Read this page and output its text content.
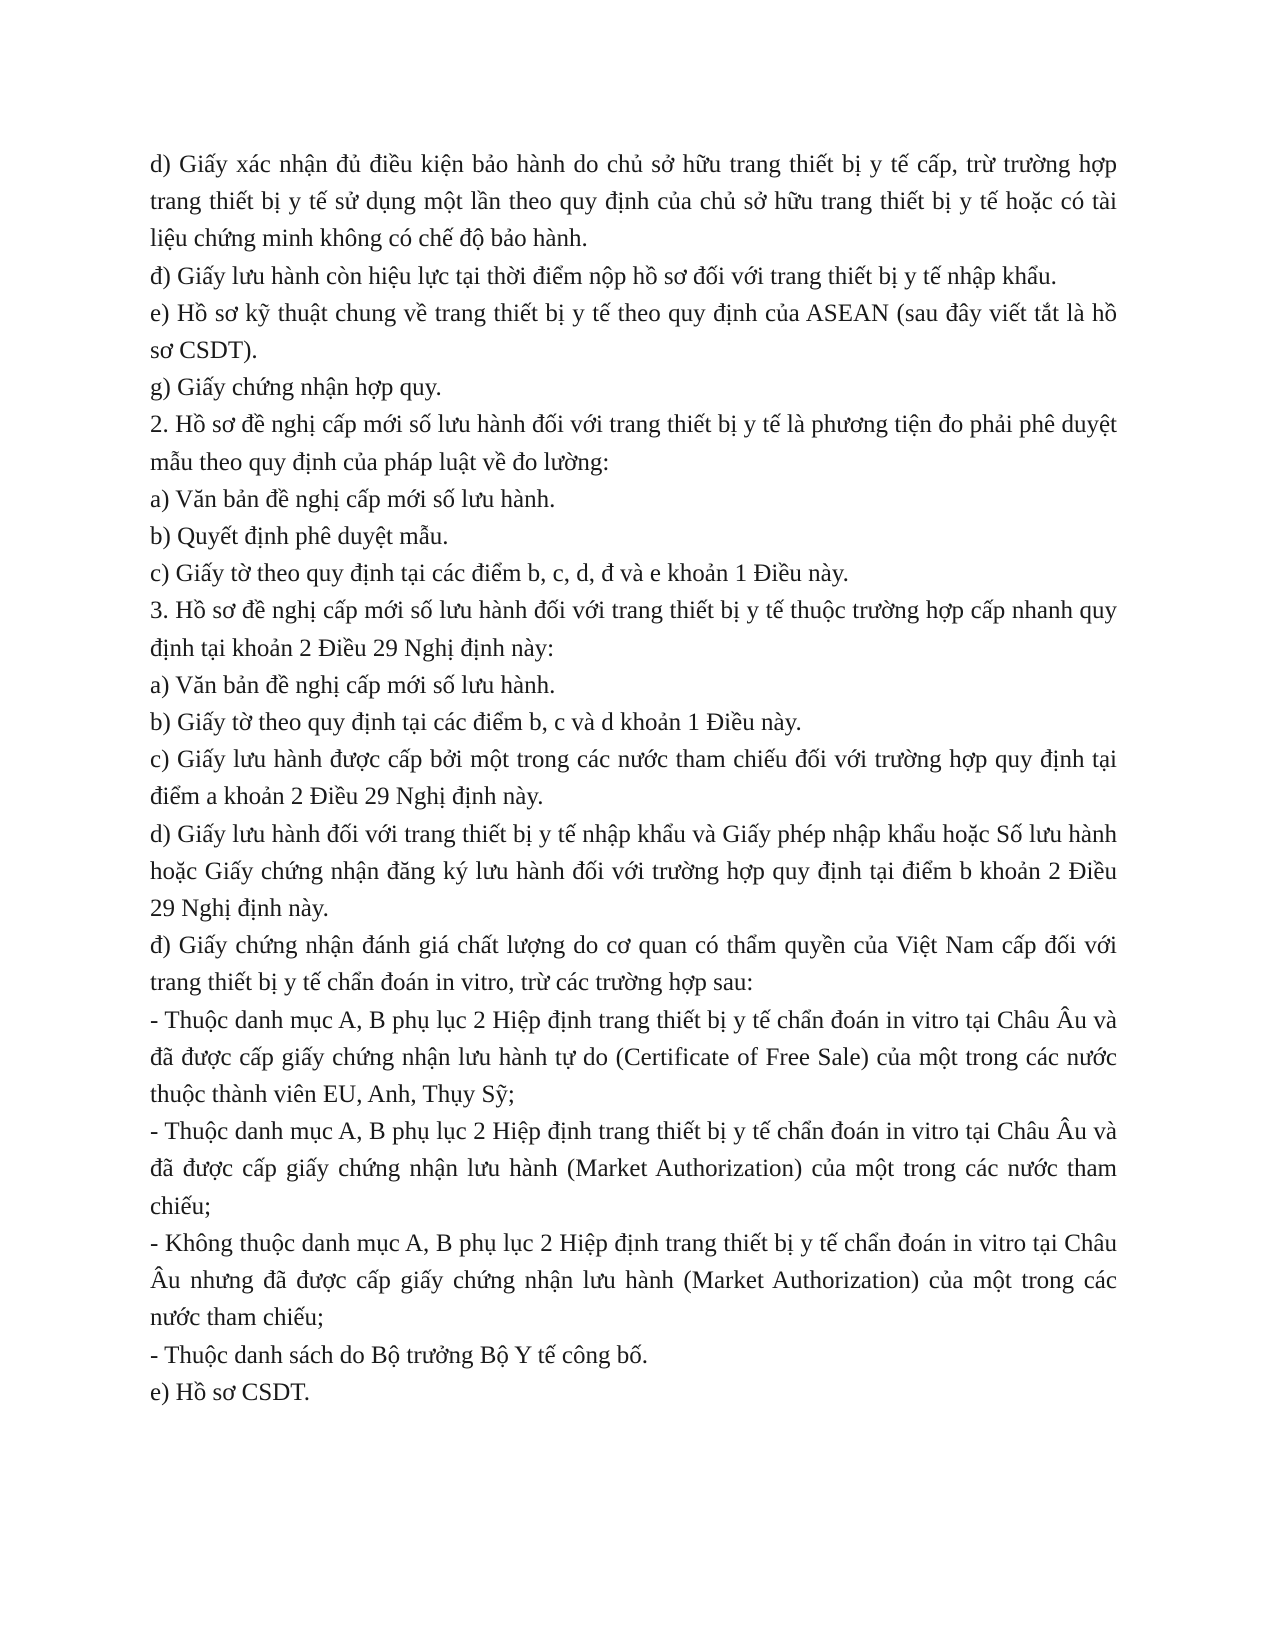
d) Giấy xác nhận đủ điều kiện bảo hành do chủ sở hữu trang thiết bị y tế cấp, trừ trường hợp trang thiết bị y tế sử dụng một lần theo quy định của chủ sở hữu trang thiết bị y tế hoặc có tài liệu chứng minh không có chế độ bảo hành.

đ) Giấy lưu hành còn hiệu lực tại thời điểm nộp hồ sơ đối với trang thiết bị y tế nhập khẩu.

e) Hồ sơ kỹ thuật chung về trang thiết bị y tế theo quy định của ASEAN (sau đây viết tắt là hồ sơ CSDT).

g) Giấy chứng nhận hợp quy.

2. Hồ sơ đề nghị cấp mới số lưu hành đối với trang thiết bị y tế là phương tiện đo phải phê duyệt mẫu theo quy định của pháp luật về đo lường:

a) Văn bản đề nghị cấp mới số lưu hành.

b) Quyết định phê duyệt mẫu.

c) Giấy tờ theo quy định tại các điểm b, c, d, đ và e khoản 1 Điều này.

3. Hồ sơ đề nghị cấp mới số lưu hành đối với trang thiết bị y tế thuộc trường hợp cấp nhanh quy định tại khoản 2 Điều 29 Nghị định này:

a) Văn bản đề nghị cấp mới số lưu hành.

b) Giấy tờ theo quy định tại các điểm b, c và d khoản 1 Điều này.

c) Giấy lưu hành được cấp bởi một trong các nước tham chiếu đối với trường hợp quy định tại điểm a khoản 2 Điều 29 Nghị định này.

d) Giấy lưu hành đối với trang thiết bị y tế nhập khẩu và Giấy phép nhập khẩu hoặc Số lưu hành hoặc Giấy chứng nhận đăng ký lưu hành đối với trường hợp quy định tại điểm b khoản 2 Điều 29 Nghị định này.

đ) Giấy chứng nhận đánh giá chất lượng do cơ quan có thẩm quyền của Việt Nam cấp đối với trang thiết bị y tế chẩn đoán in vitro, trừ các trường hợp sau:

- Thuộc danh mục A, B phụ lục 2 Hiệp định trang thiết bị y tế chẩn đoán in vitro tại Châu Âu và đã được cấp giấy chứng nhận lưu hành tự do (Certificate of Free Sale) của một trong các nước thuộc thành viên EU, Anh, Thụy Sỹ;

- Thuộc danh mục A, B phụ lục 2 Hiệp định trang thiết bị y tế chẩn đoán in vitro tại Châu Âu và đã được cấp giấy chứng nhận lưu hành (Market Authorization) của một trong các nước tham chiếu;

- Không thuộc danh mục A, B phụ lục 2 Hiệp định trang thiết bị y tế chẩn đoán in vitro tại Châu Âu nhưng đã được cấp giấy chứng nhận lưu hành (Market Authorization) của một trong các nước tham chiếu;

- Thuộc danh sách do Bộ trưởng Bộ Y tế công bố.

e) Hồ sơ CSDT.
